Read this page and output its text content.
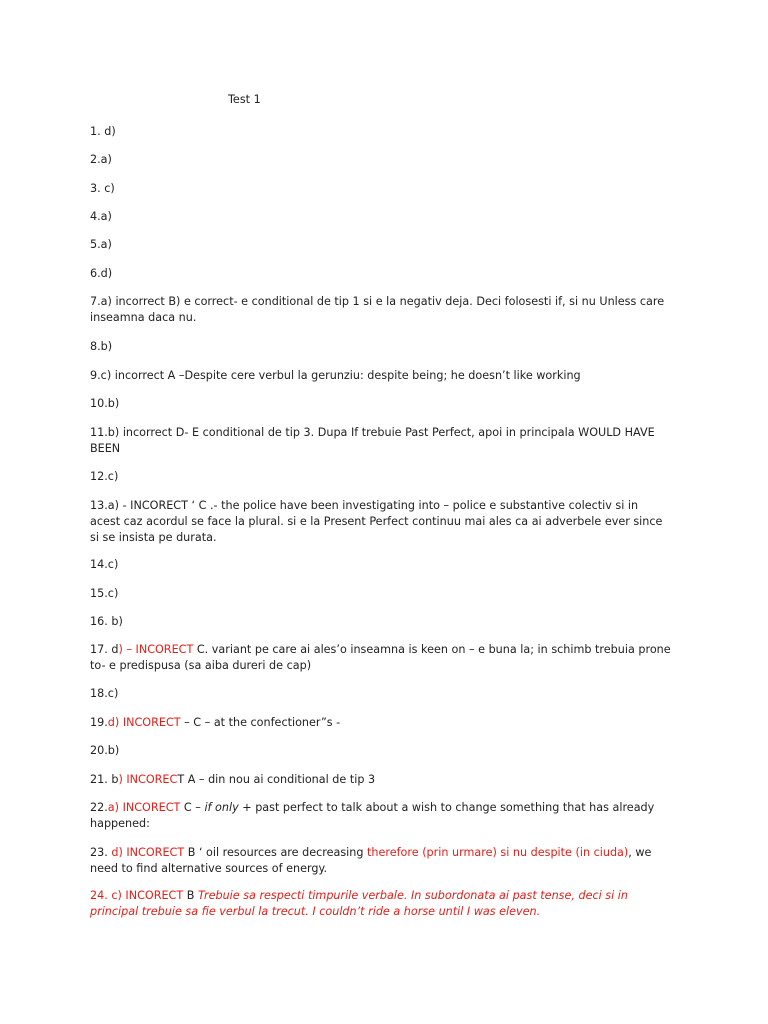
Test 1
1. d)
2.a)
3. c)
4.a)
5.a)
6.d)
7.a) incorrect B) e correct- e conditional de tip 1 si e la negativ deja. Deci folosesti if, si nu Unless care
inseamna daca nu.
8.b)
9.c) incorrect A –Despite cere verbul la gerunziu: despite being; he doesn’t like working
10.b)
11.b) incorrect D- E conditional de tip 3. Dupa If trebuie Past Perfect, apoi in principala WOULD HAVE
BEEN
12.c)
13.a) - INCORECT ‘ C .- the police have been investigating into – police e substantive colectiv si in
acest caz acordul se face la plural. si e la Present Perfect continuu mai ales ca ai adverbele ever since
si se insista pe durata.
14.c)
15.c)
16. b)
17. d) – INCORECT C. variant pe care ai ales’o inseamna is keen on – e buna la; in schimb trebuia prone
to- e predispusa (sa aiba dureri de cap)
18.c)
19.d) INCORECT – C – at the confectioner”s -
20.b)
21. b) INCORECT A – din nou ai conditional de tip 3
22.a) INCORECT C – if only + past perfect to talk about a wish to change something that has already
happened:
23. d) INCORECT B ‘ oil resources are decreasing therefore (prin urmare) si nu despite (in ciuda), we
need to find alternative sources of energy.
24. c) INCORECT B Trebuie sa respecti timpurile verbale. In subordonata ai past tense, deci si in
principal trebuie sa fie verbul la trecut. I couldn’t ride a horse until I was eleven.
